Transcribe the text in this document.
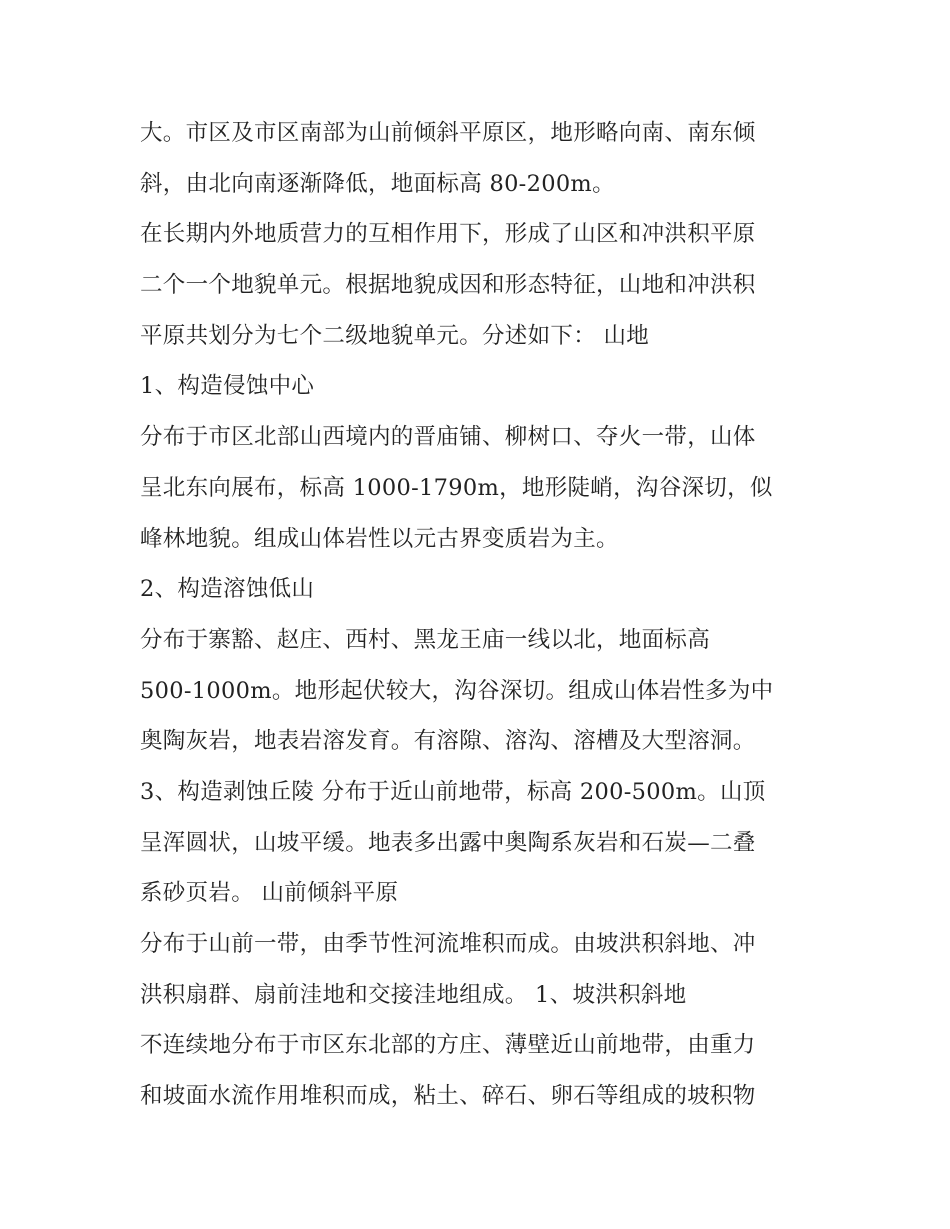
大。市区及市区南部为山前倾斜平原区，地形略向南、南东倾
斜，由北向南逐渐降低，地面标高 80-200m。
在长期内外地质营力的互相作用下，形成了山区和冲洪积平原
二个一个地貌单元。根据地貌成因和形态特征，山地和冲洪积
平原共划分为七个二级地貌单元。分述如下： 山地
1、构造侵蚀中心
分布于市区北部山西境内的晋庙铺、柳树口、夺火一带，山体
呈北东向展布，标高 1000-1790m，地形陡峭，沟谷深切，似
峰林地貌。组成山体岩性以元古界变质岩为主。
2、构造溶蚀低山
分布于寨豁、赵庄、西村、黑龙王庙一线以北，地面标高
500-1000m。地形起伏较大，沟谷深切。组成山体岩性多为中
奥陶灰岩，地表岩溶发育。有溶隙、溶沟、溶槽及大型溶洞。
3、构造剥蚀丘陵 分布于近山前地带，标高 200-500m。山顶
呈浑圆状，山坡平缓。地表多出露中奥陶系灰岩和石炭—二叠
系砂页岩。 山前倾斜平原
分布于山前一带，由季节性河流堆积而成。由坡洪积斜地、冲
洪积扇群、扇前洼地和交接洼地组成。 1、坡洪积斜地
不连续地分布于市区东北部的方庄、薄壁近山前地带，由重力
和坡面水流作用堆积而成，粘土、碎石、卵石等组成的坡积物
